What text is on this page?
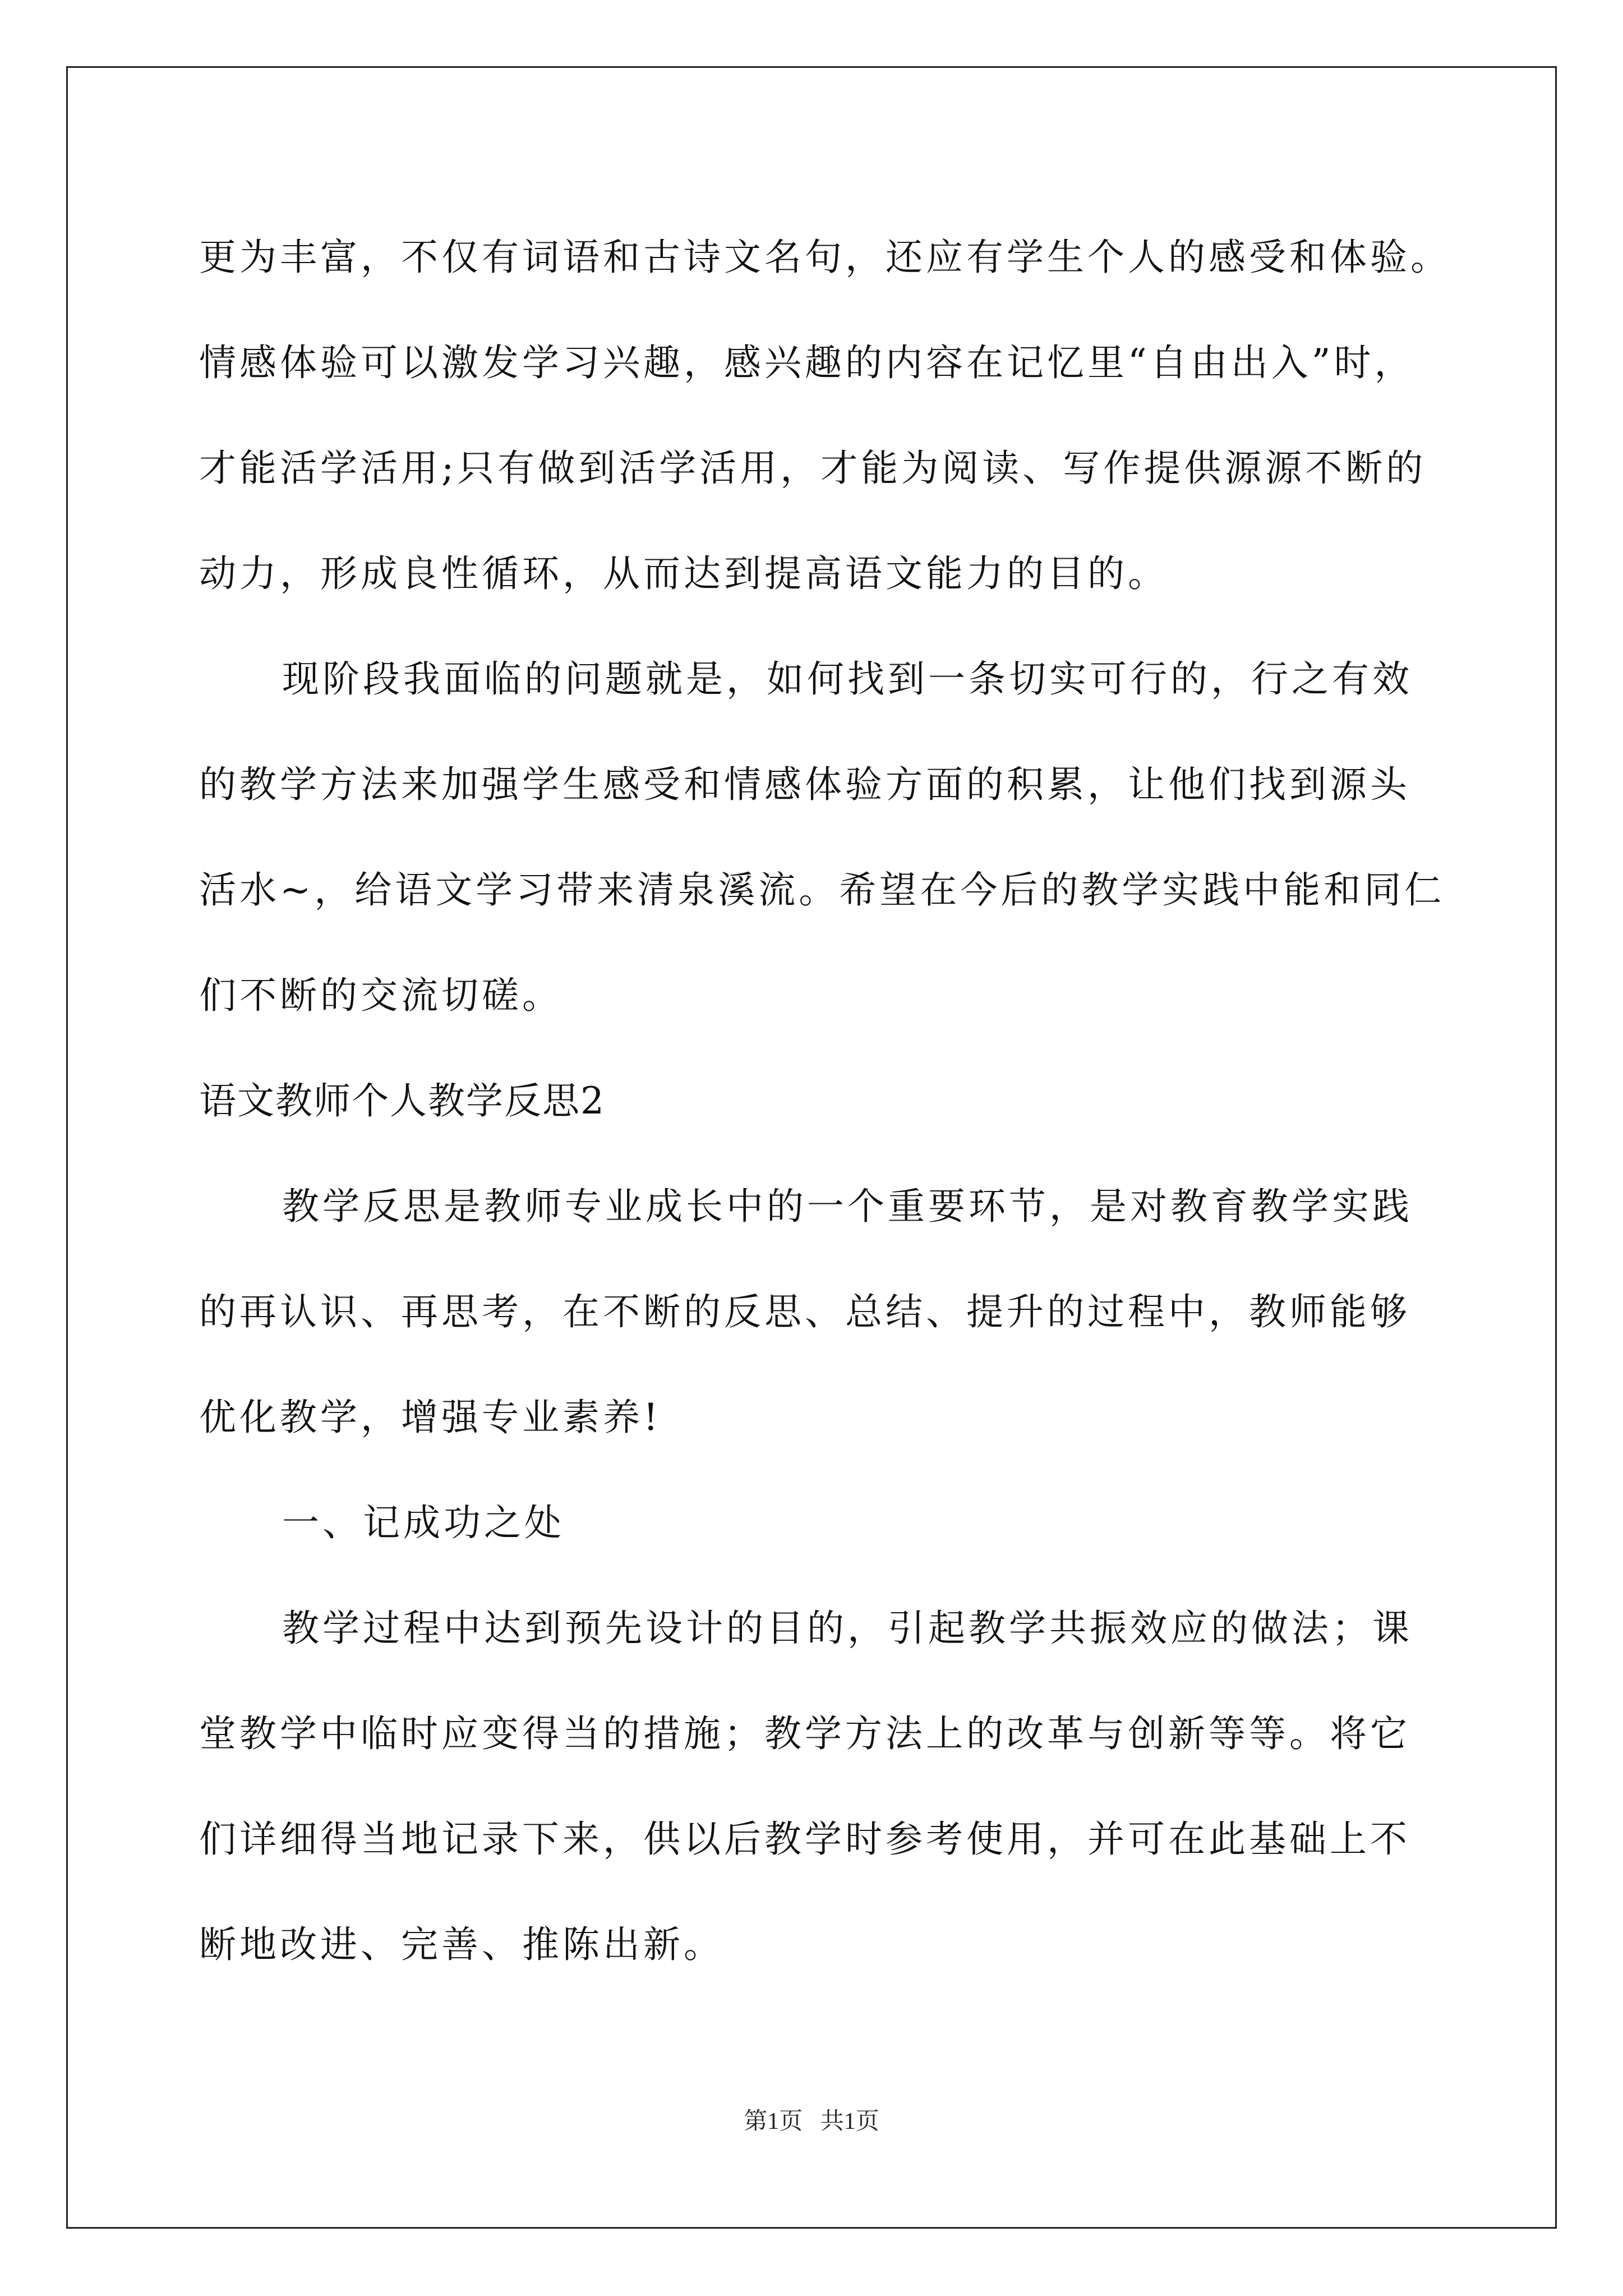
更为丰富，不仅有词语和古诗文名句，还应有学生个人的感受和体验。
情感体验可以激发学习兴趣，感兴趣的内容在记忆里“自由出入”时，
才能活学活用;只有做到活学活用，才能为阅读、写作提供源源不断的
动力，形成良性循环，从而达到提高语文能力的目的。
现阶段我面临的问题就是，如何找到一条切实可行的，行之有效
的教学方法来加强学生感受和情感体验方面的积累，让他们找到源头
活水~，给语文学习带来清泉溪流。希望在今后的教学实践中能和同仁
们不断的交流切磋。
语文教师个人教学反思2
教学反思是教师专业成长中的一个重要环节，是对教育教学实践
的再认识、再思考，在不断的反思、总结、提升的过程中，教师能够
优化教学，增强专业素养!
一、记成功之处
教学过程中达到预先设计的目的，引起教学共振效应的做法；课
堂教学中临时应变得当的措施；教学方法上的改革与创新等等。将它
们详细得当地记录下来，供以后教学时参考使用，并可在此基础上不
断地改进、完善、推陈出新。
第1页   共1页
